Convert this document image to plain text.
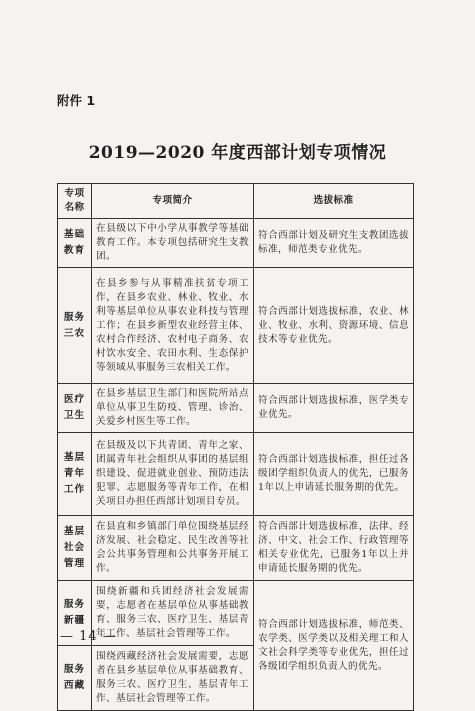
附件 1
2019—2020 年度西部计划专项情况
专项
名称	专项简介	选拔标准

基础
教育	在县级以下中小学从事教学等基础教育工作。本专项包括研究生支教团。	符合西部计划及研究生支教团选拔标准，师范类专业优先。

服务
三农	在县乡参与从事精准扶贫专项工作，在县乡农业、林业、牧业、水利等基层单位从事农业科技与管理工作；在县乡新型农业经营主体、农村合作经济、农村电子商务、农村饮水安全、农田水利、生态保护等领域从事服务三农相关工作。	符合西部计划选拔标准，农业、林业、牧业、水利、资源环境、信息技术等专业优先。

医疗
卫生	在县乡基层卫生部门和医院所站点单位从事卫生防疫、管理、诊治、关爱乡村医生等工作。	符合西部计划选拔标准，医学类专业优先。

基层
青年
工作	在县级及以下共青团、青年之家、团属青年社会组织从事团的基层组织建设、促进就业创业、预防违法犯罪、志愿服务等青年工作，在相关项目办担任西部计划项目专员。	符合西部计划选拔标准，担任过各级团学组织负责人的优先，已服务1年以上申请延长服务期的优先。

基层
社会
管理	在县直和乡镇部门单位围绕基层经济发展、社会稳定、民生改善等社会公共事务管理和公共事务开展工作。	符合西部计划选拔标准，法律、经济、中文、社会工作、行政管理等相关专业优先，已服务1年以上并申请延长服务期的优先。

服务
新疆	围绕新疆和兵团经济社会发展需要，志愿者在基层单位从事基础教育、服务三农、医疗卫生、基层青年工作、基层社会管理等工作。	符合西部计划选拔标准，师范类、农学类、医学类以及相关理工和人文社会科学类等专业优先，担任过各级团学组织负责人的优先。

服务
西藏	围绕西藏经济社会发展需要，志愿者在县乡基层单位从事基础教育、服务三农、医疗卫生、基层青年工作、基层社会管理等工作。	
— 14 —
